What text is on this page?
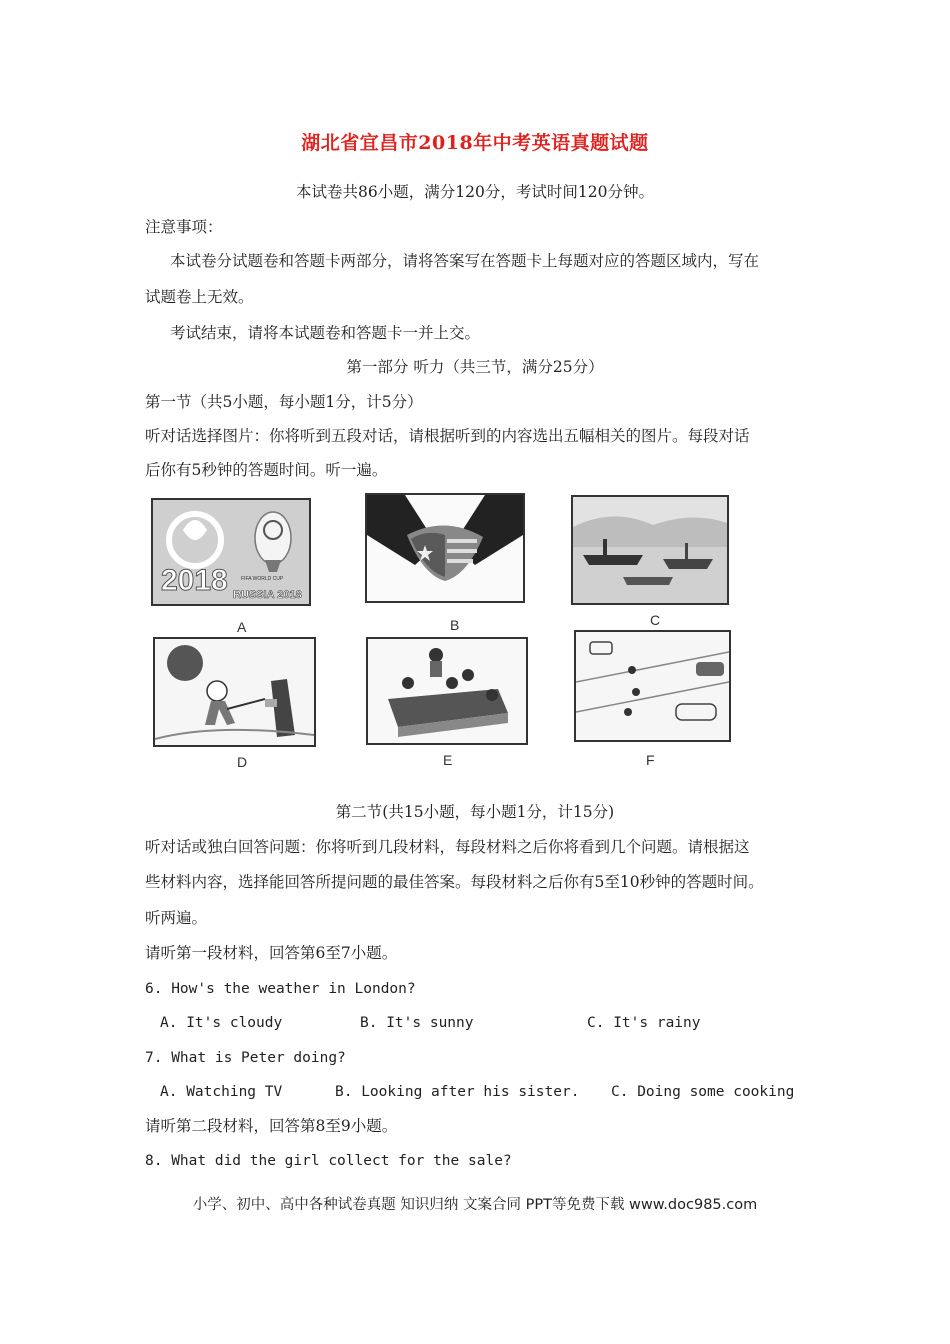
湖北省宜昌市2018年中考英语真题试题
本试卷共86小题，满分120分，考试时间120分钟。
注意事项：
本试卷分试题卷和答题卡两部分，请将答案写在答题卡上每题对应的答题区域内，写在
试题卷上无效。
考试结束，请将本试题卷和答题卡一并上交。
第一部分 听力（共三节，满分25分）
第一节（共5小题，每小题1分，计5分）
听对话选择图片：你将听到五段对话，请根据听到的内容选出五幅相关的图片。每段对话
后你有5秒钟的答题时间。听一遍。
2018	FIFA WORLD CUP
RUSSIA 2018
A	B	C
D	E	F
第二节(共15小题，每小题1分，计15分)
听对话或独白回答问题：你将听到几段材料，每段材料之后你将看到几个问题。请根据这
些材料内容，选择能回答所提问题的最佳答案。每段材料之后你有5至10秒钟的答题时间。
听两遍。
请听第一段材料，回答第6至7小题。
6. How's the weather in London?
A. It's cloudy	B. It's sunny	C. It's rainy
7. What is Peter doing?
A. Watching TV	B. Looking after his sister. C. Doing some cooking
请听第二段材料，回答第8至9小题。
8. What did the girl collect for the sale?
小学、初中、高中各种试卷真题 知识归纳 文案合同 PPT等免费下载 www.doc985.com
